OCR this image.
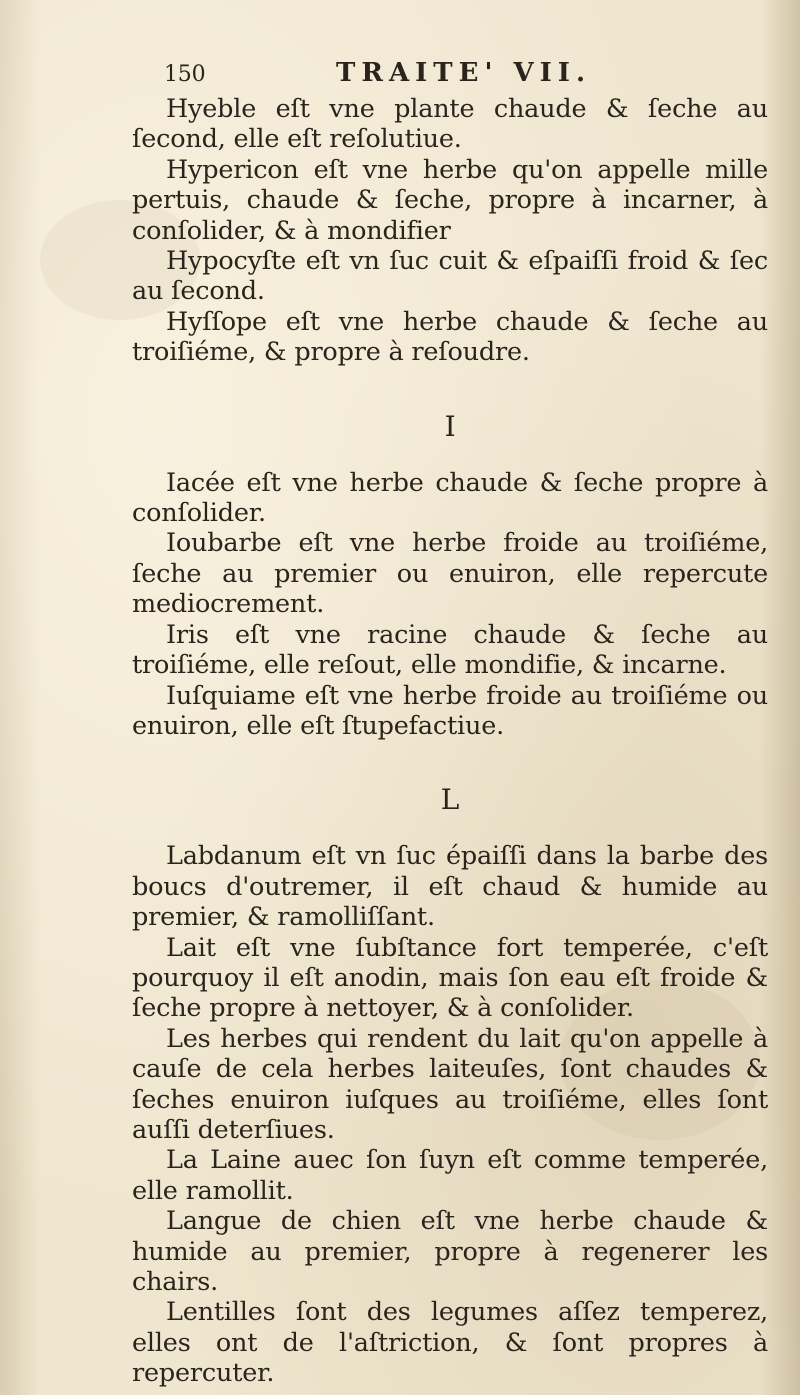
150	TRAITE' VII.

Hyeble eſt vne plante chaude & ſeche au ſecond, elle eſt reſolutiue.

Hypericon eſt vne herbe qu'on appelle mille pertuis, chaude & ſeche, propre à incarner, à conſolider, & à mondifier

Hypocyſte eſt vn ſuc cuit & eſpaiſſi froid & ſec au ſecond.

Hyſſope eſt vne herbe chaude & ſeche au troiſiéme, & propre à reſoudre.

I

Iacée eſt vne herbe chaude & ſeche propre à conſolider.

Ioubarbe eſt vne herbe froide au troiſiéme, ſeche au premier ou enuiron, elle repercute mediocrement.

Iris eſt vne racine chaude & ſeche au troiſiéme, elle reſout, elle mondifie, & incarne.

Iuſquiame eſt vne herbe froide au troiſiéme ou enuiron, elle eſt ſtupefactiue.

L

Labdanum eſt vn ſuc épaiſſi dans la barbe des boucs d'outremer, il eſt chaud & humide au premier, & ramolliſſant.

Lait eſt vne ſubſtance fort temperée, c'eſt pourquoy il eſt anodin, mais ſon eau eſt froide & ſeche propre à nettoyer, & à conſolider.

Les herbes qui rendent du lait qu'on appelle à cauſe de cela herbes laiteuſes, ſont chaudes & ſeches enuiron iuſques au troiſiéme, elles ſont auſſi deterſiues.

La Laine auec ſon ſuyn eſt comme temperée, elle ramollit.

Langue de chien eſt vne herbe chaude & humide au premier, propre à regenerer les chairs.

Lentilles ſont des legumes aſſez temperez, elles ont de l'aſtriction, & ſont propres à repercuter.
